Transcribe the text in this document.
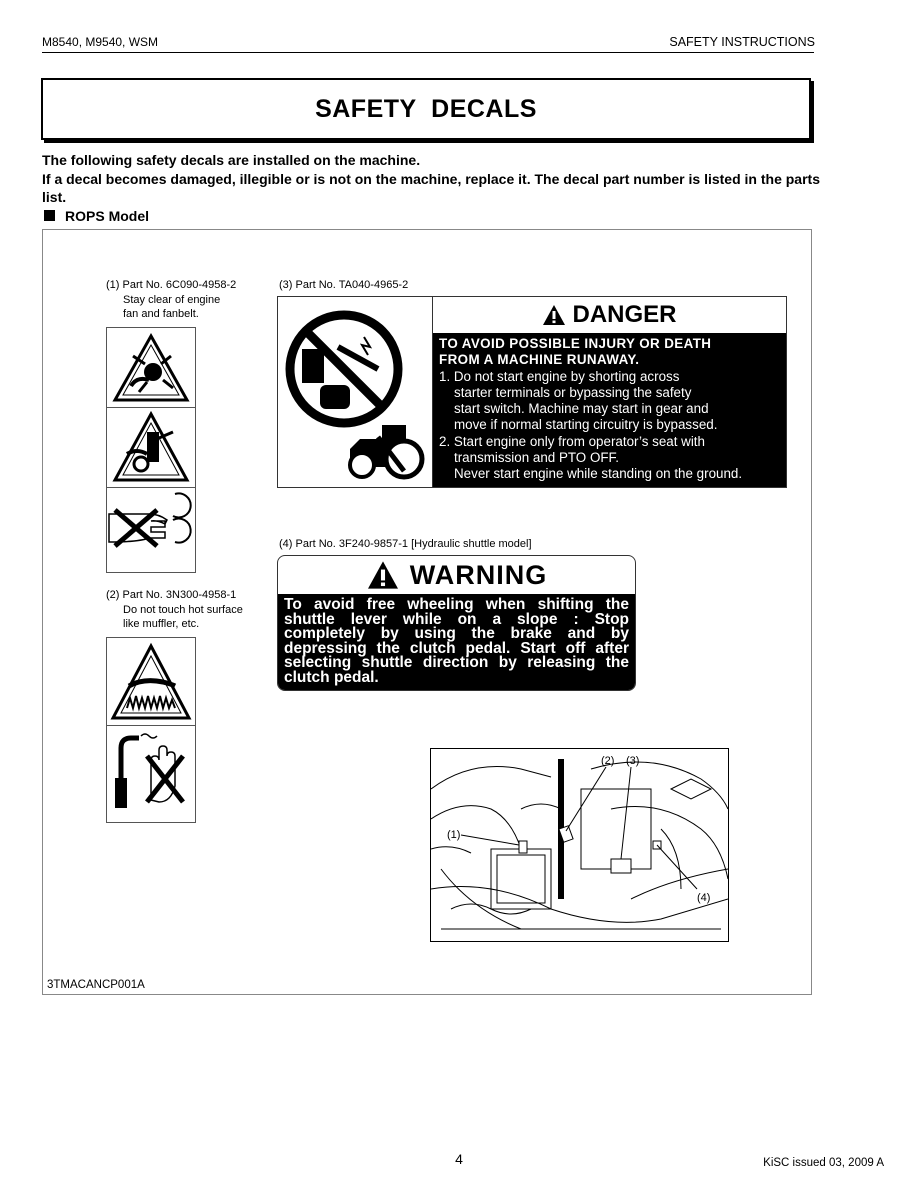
M8540, M9540, WSM	SAFETY INSTRUCTIONS
SAFETY  DECALS

The following safety decals are installed on the machine.

If a decal becomes damaged, illegible or is not on the machine, replace it. The decal part number is listed in the parts list.

ROPS Model
(1) Part No. 6C090-4958-2
Stay clear of engine
fan and fanbelt.
(2) Part No. 3N300-4958-1
Do not touch hot surface
like muffler, etc.
(3) Part No. TA040-4965-2
DANGER
TO AVOID POSSIBLE INJURY OR DEATH
FROM A MACHINE RUNAWAY.
1. Do not start engine by shorting across
starter terminals or bypassing the safety
start switch. Machine may start in gear and
move if normal starting circuitry is bypassed.
2. Start engine only from operator’s seat with
transmission and PTO OFF.
Never start engine while standing on the ground.
(4) Part No. 3F240-9857-1 [Hydraulic shuttle model]
WARNING
To avoid free wheeling when shifting the shuttle lever while on a slope : Stop completely by using the brake and by depressing the clutch pedal. Start off after selecting shuttle direction by releasing the clutch pedal.
(2) (3)
(1)
(4)
3TMACANCP001A
4	KiSC issued 03, 2009 A
